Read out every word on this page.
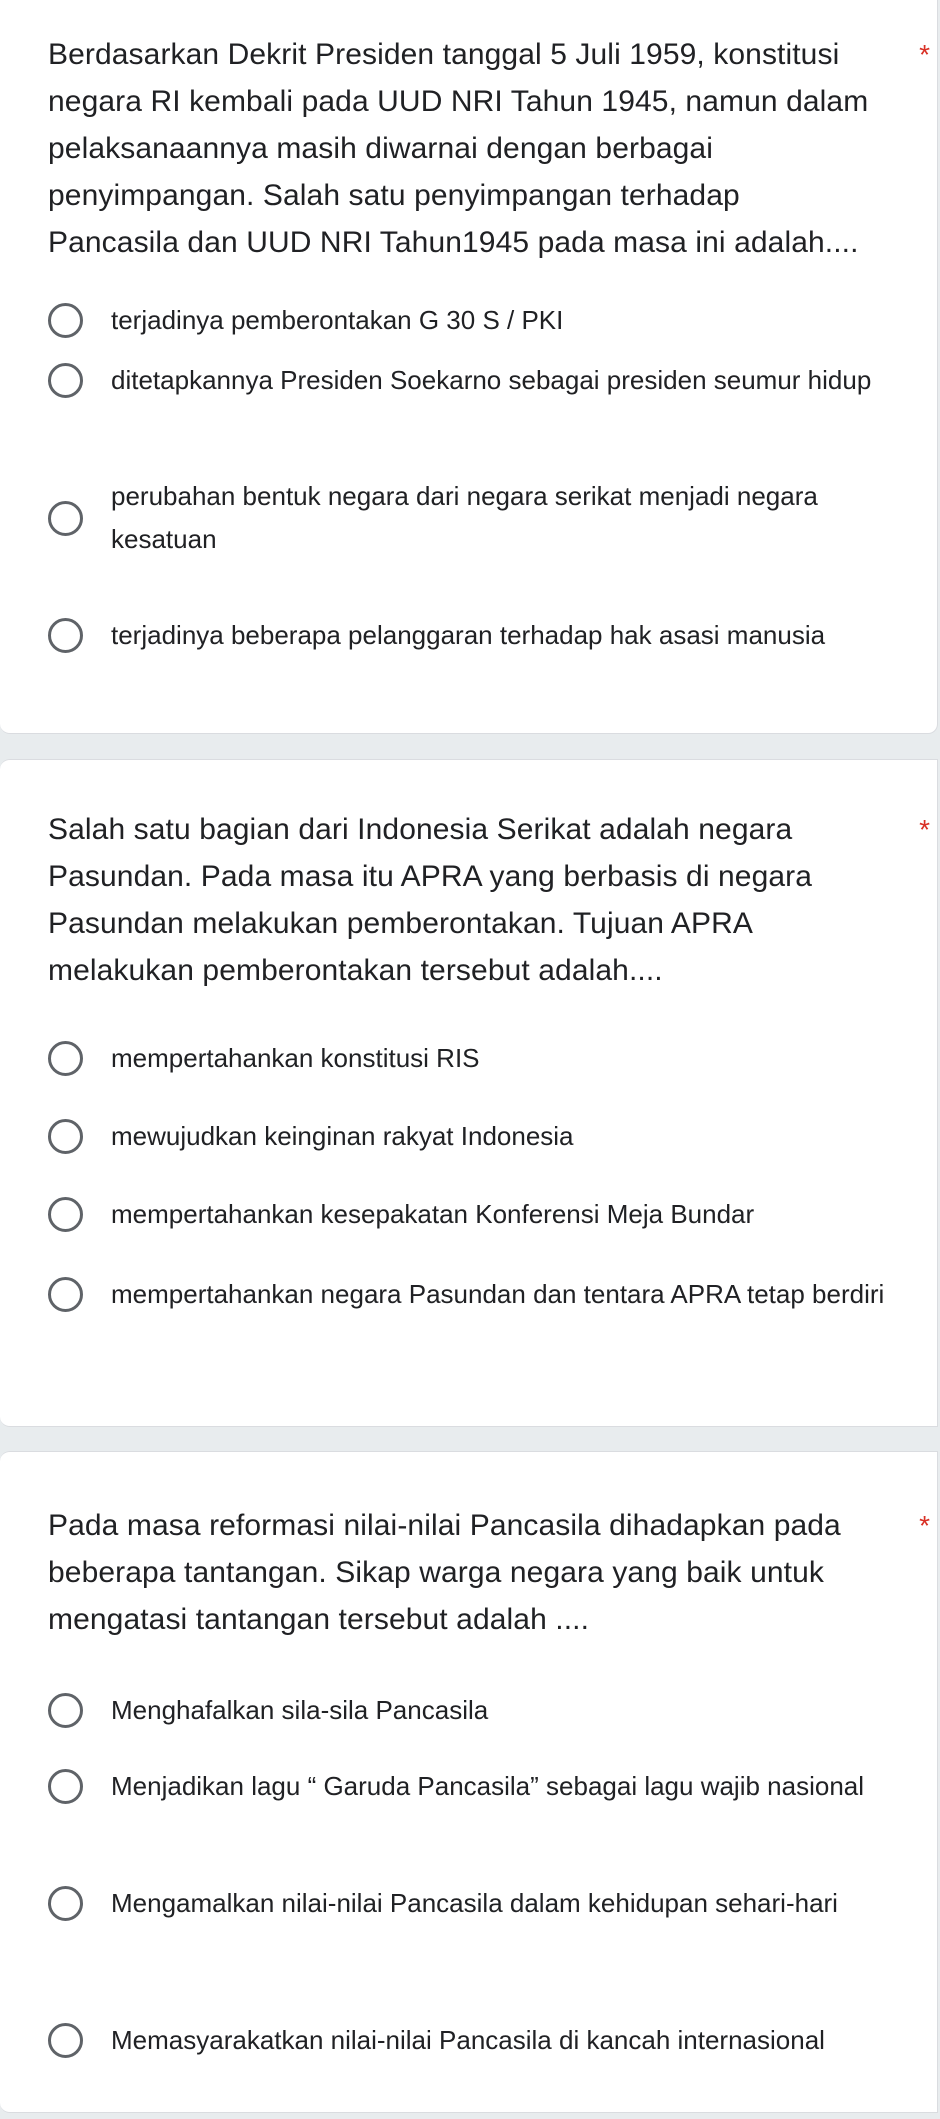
Berdasarkan Dekrit Presiden tanggal 5 Juli 1959, konstitusi negara RI kembali pada UUD NRI Tahun 1945, namun dalam pelaksanaannya masih diwarnai dengan berbagai penyimpangan. Salah satu penyimpangan terhadap Pancasila dan UUD NRI Tahun1945 pada masa ini adalah....
*
terjadinya pemberontakan G 30 S / PKI
ditetapkannya Presiden Soekarno sebagai presiden seumur hidup
perubahan bentuk negara dari negara serikat menjadi negara kesatuan
terjadinya beberapa pelanggaran terhadap hak asasi manusia
Salah satu bagian dari Indonesia Serikat adalah negara Pasundan. Pada masa itu APRA yang berbasis di negara Pasundan melakukan pemberontakan. Tujuan APRA melakukan pemberontakan tersebut adalah....
*
mempertahankan konstitusi RIS
mewujudkan keinginan rakyat Indonesia
mempertahankan kesepakatan Konferensi Meja Bundar
mempertahankan negara Pasundan dan tentara APRA tetap berdiri
Pada masa reformasi nilai-nilai Pancasila dihadapkan pada beberapa tantangan. Sikap warga negara yang baik untuk mengatasi tantangan tersebut adalah ....
*
Menghafalkan sila-sila Pancasila
Menjadikan lagu “ Garuda Pancasila” sebagai lagu wajib nasional
Mengamalkan nilai-nilai Pancasila dalam kehidupan sehari-hari
Memasyarakatkan nilai-nilai Pancasila di kancah internasional
